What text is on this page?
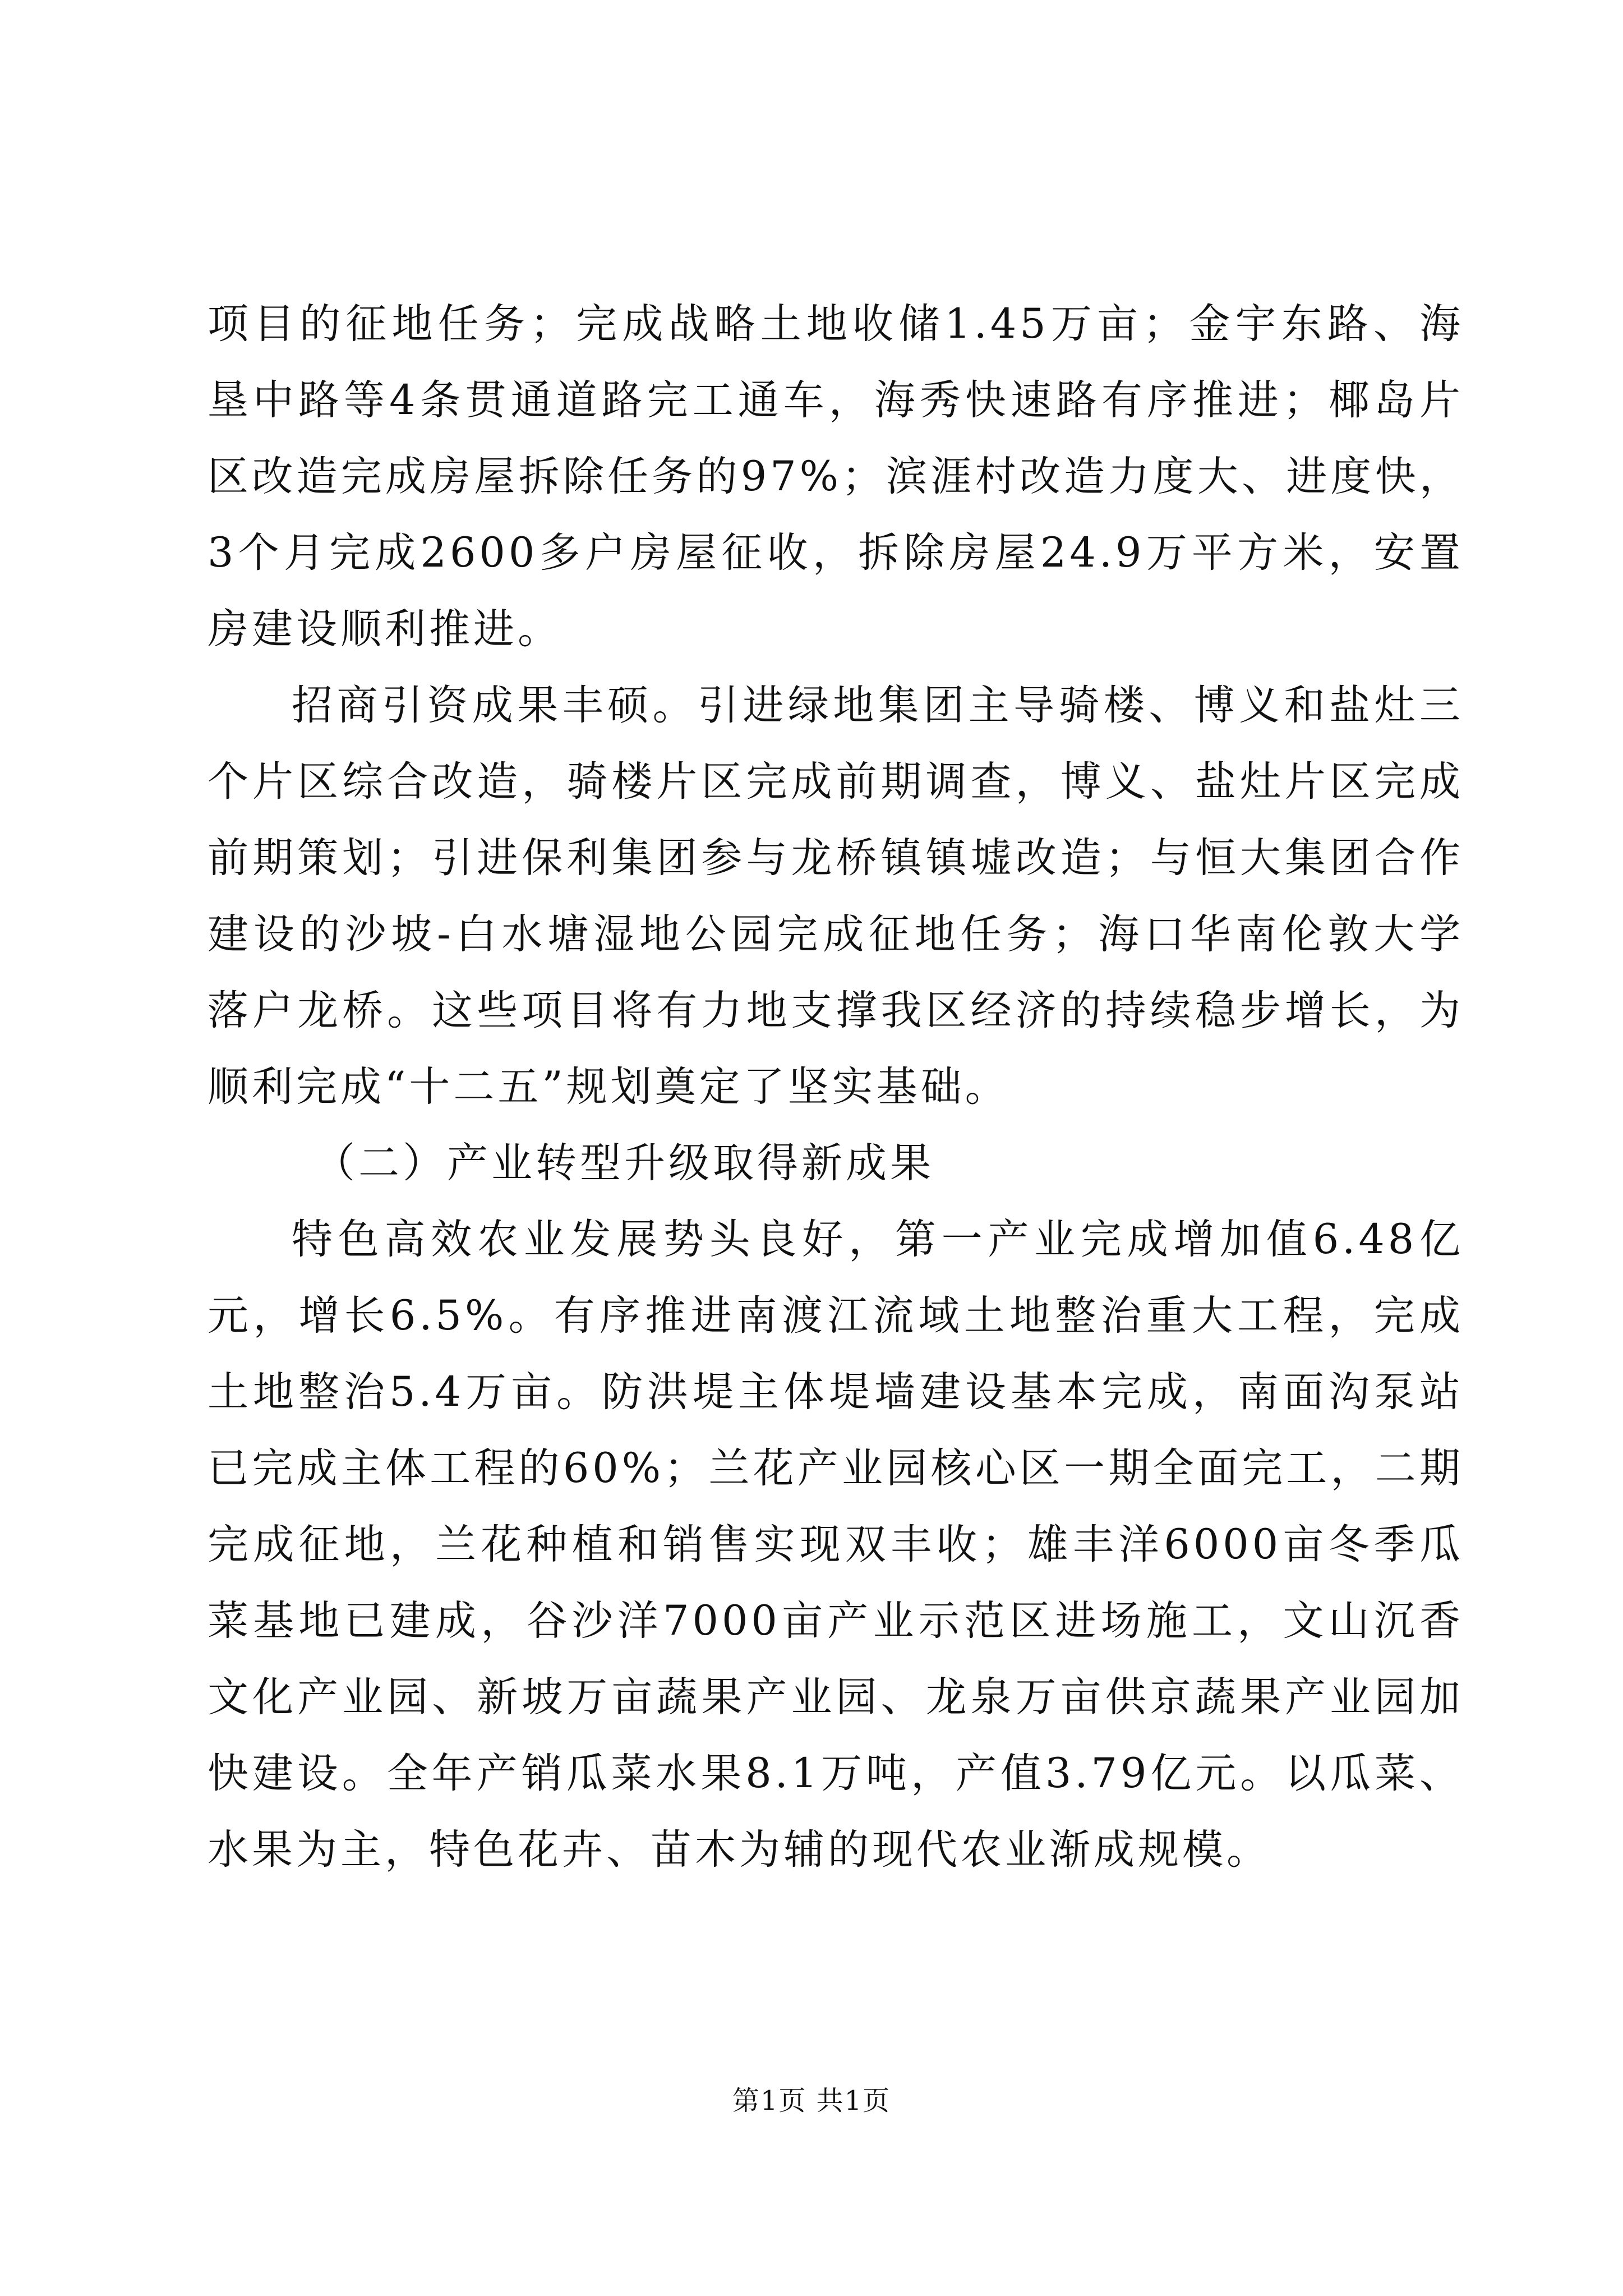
项目的征地任务；完成战略土地收储1.45万亩；金宇东路、海垦中路等4条贯通道路完工通车，海秀快速路有序推进；椰岛片区改造完成房屋拆除任务的97%；滨涯村改造力度大、进度快，3个月完成2600多户房屋征收，拆除房屋24.9万平方米，安置房建设顺利推进。

招商引资成果丰硕。引进绿地集团主导骑楼、博义和盐灶三个片区综合改造，骑楼片区完成前期调查，博义、盐灶片区完成前期策划；引进保利集团参与龙桥镇镇墟改造；与恒大集团合作建设的沙坡-白水塘湿地公园完成征地任务；海口华南伦敦大学落户龙桥。这些项目将有力地支撑我区经济的持续稳步增长，为顺利完成“十二五”规划奠定了坚实基础。

（二）产业转型升级取得新成果

特色高效农业发展势头良好，第一产业完成增加值6.48亿元，增长6.5%。有序推进南渡江流域土地整治重大工程，完成土地整治5.4万亩。防洪堤主体堤墙建设基本完成，南面沟泵站已完成主体工程的60%；兰花产业园核心区一期全面完工，二期完成征地，兰花种植和销售实现双丰收；雄丰洋6000亩冬季瓜菜基地已建成，谷沙洋7000亩产业示范区进场施工，文山沉香文化产业园、新坡万亩蔬果产业园、龙泉万亩供京蔬果产业园加快建设。全年产销瓜菜水果8.1万吨，产值3.79亿元。以瓜菜、水果为主，特色花卉、苗木为辅的现代农业渐成规模。

第1页 共1页
